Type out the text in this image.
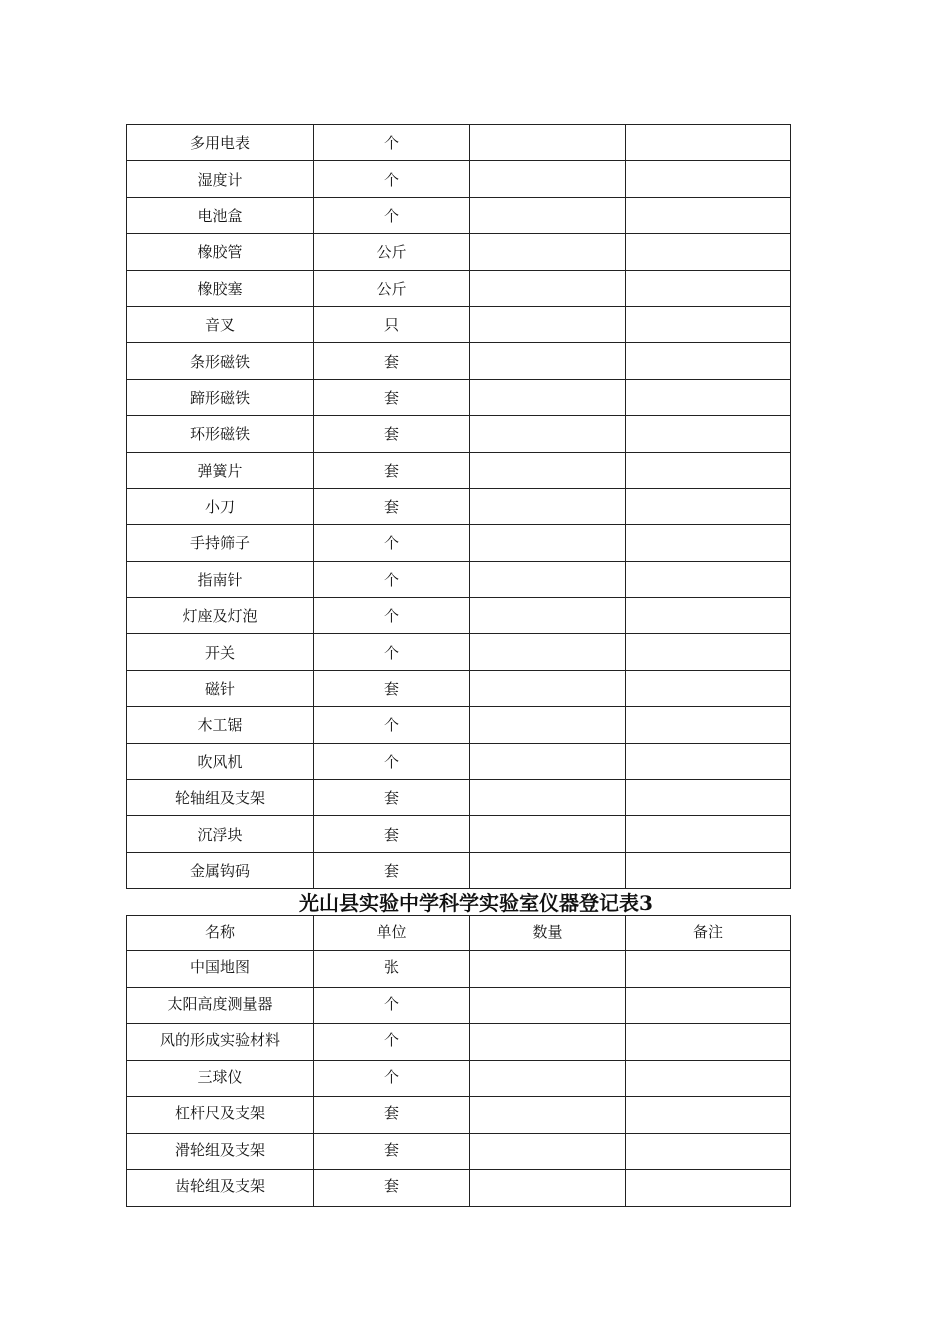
多用电表	个		
湿度计	个		
电池盒	个		
橡胶管	公斤		
橡胶塞	公斤		
音叉	只		
条形磁铁	套		
蹄形磁铁	套		
环形磁铁	套		
弹簧片	套		
小刀	套		
手持筛子	个		
指南针	个		
灯座及灯泡	个		
开关	个		
磁针	套		
木工锯	个		
吹风机	个		
轮轴组及支架	套		
沉浮块	套		
金属钩码	套		
光山县实验中学科学实验室仪器登记表3
名称	单位	数量	备注
中国地图	张		
太阳高度测量器	个		
风的形成实验材料	个		
三球仪	个		
杠杆尺及支架	套		
滑轮组及支架	套		
齿轮组及支架	套		
